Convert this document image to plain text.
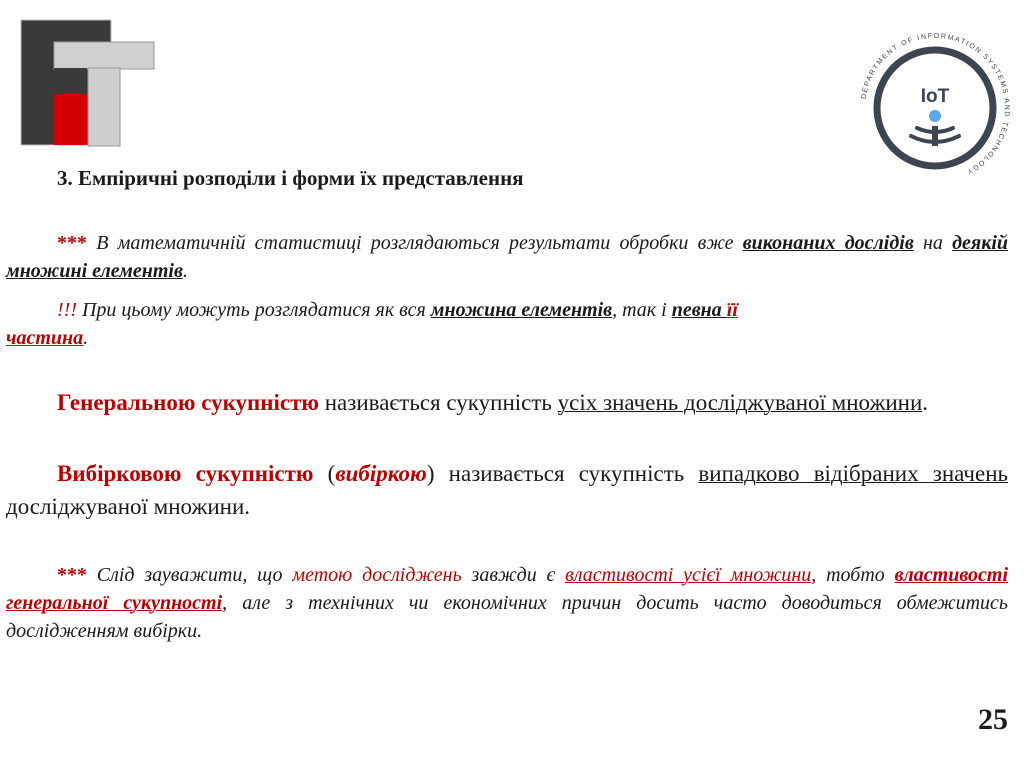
DEPARTMENT OF INFORMATION SYSTEMS AND TECHNOLOGY
IoT

3. Емпіричні розподіли і форми їх представлення

*** В математичній статистиці розглядаються результати обробки вже виконаних дослідів на деякій множині елементів.

!!! При цьому можуть розглядатися як вся множина елементів, так і певна її
частина.

Генеральною сукупністю називається сукупність усіх значень досліджуваної множини.

Вибірковою сукупністю (вибіркою) називається сукупність випадково відібраних значень досліджуваної множини.

*** Слід зауважити, що метою досліджень завжди є властивості усієї множини, тобто властивості генеральної сукупності, але з технічних чи економічних причин досить часто доводиться обмежитись дослідженням вибірки.

25
